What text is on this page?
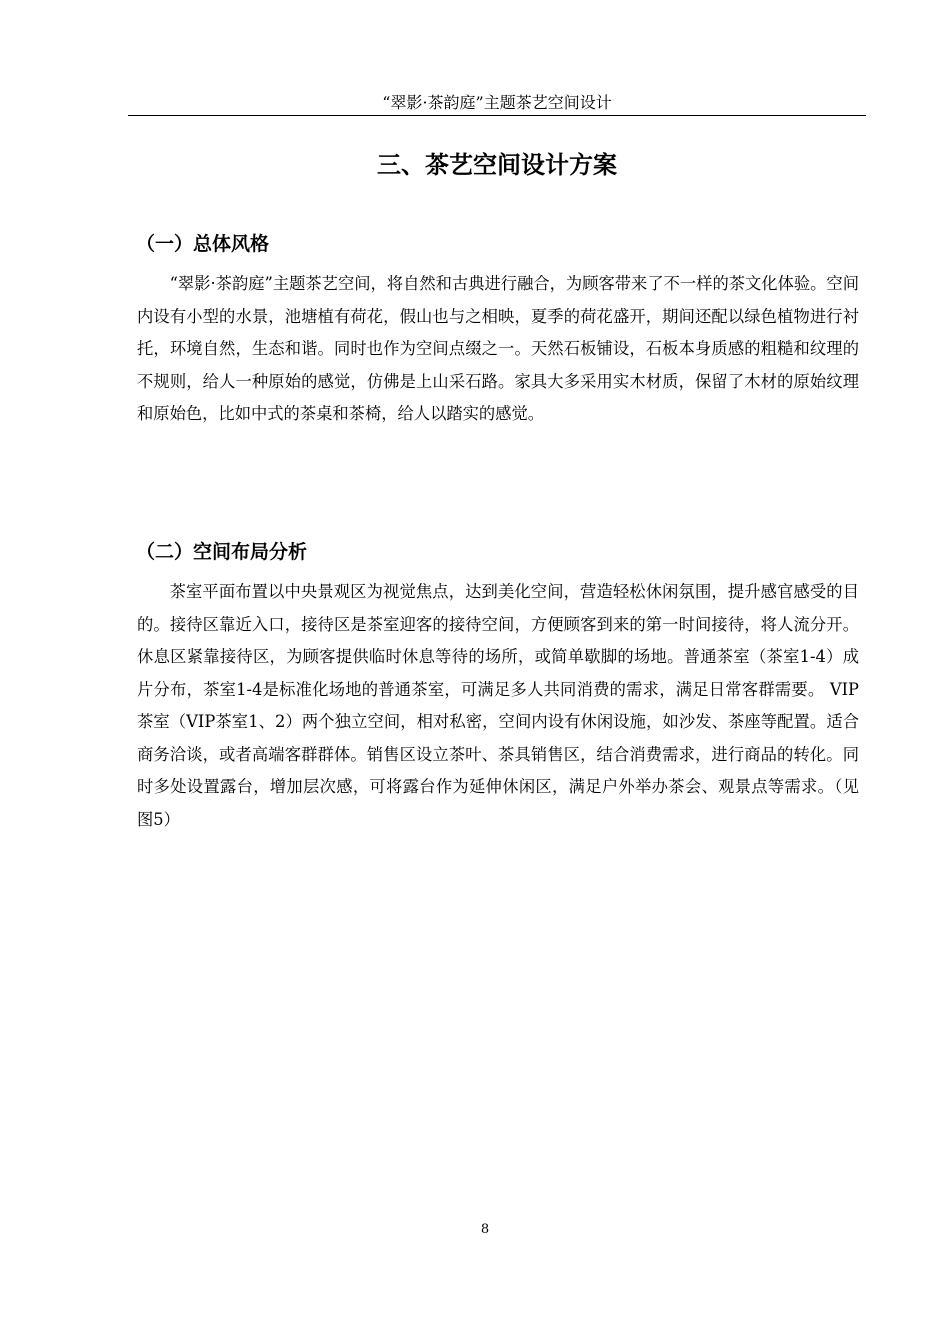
“翠影·茶韵庭”主题茶艺空间设计
三、茶艺空间设计方案
（一）总体风格

“翠影·茶韵庭”主题茶艺空间，将自然和古典进行融合，为顾客带来了不一样的茶文化体验。空间内设有小型的水景，池塘植有荷花，假山也与之相映，夏季的荷花盛开，期间还配以绿色植物进行衬托，环境自然，生态和谐。同时也作为空间点缀之一。天然石板铺设，石板本身质感的粗糙和纹理的不规则，给人一种原始的感觉，仿佛是上山采石路。家具大多采用实木材质，保留了木材的原始纹理和原始色，比如中式的茶桌和茶椅，给人以踏实的感觉。

（二）空间布局分析

茶室平面布置以中央景观区为视觉焦点，达到美化空间，营造轻松休闲氛围，提升感官感受的目的。接待区靠近入口，接待区是茶室迎客的接待空间，方便顾客到来的第一时间接待，将人流分开。休息区紧靠接待区，为顾客提供临时休息等待的场所，或简单歇脚的场地。普通茶室（茶室1-4）成片分布，茶室1-4是标准化场地的普通茶室，可满足多人共同消费的需求，满足日常客群需要。 VIP茶室（VIP茶室1、2）两个独立空间，相对私密，空间内设有休闲设施，如沙发、茶座等配置。适合商务洽谈，或者高端客群群体。销售区设立茶叶、茶具销售区，结合消费需求，进行商品的转化。同时多处设置露台，增加层次感，可将露台作为延伸休闲区，满足户外举办茶会、观景点等需求。（见图5）

8
